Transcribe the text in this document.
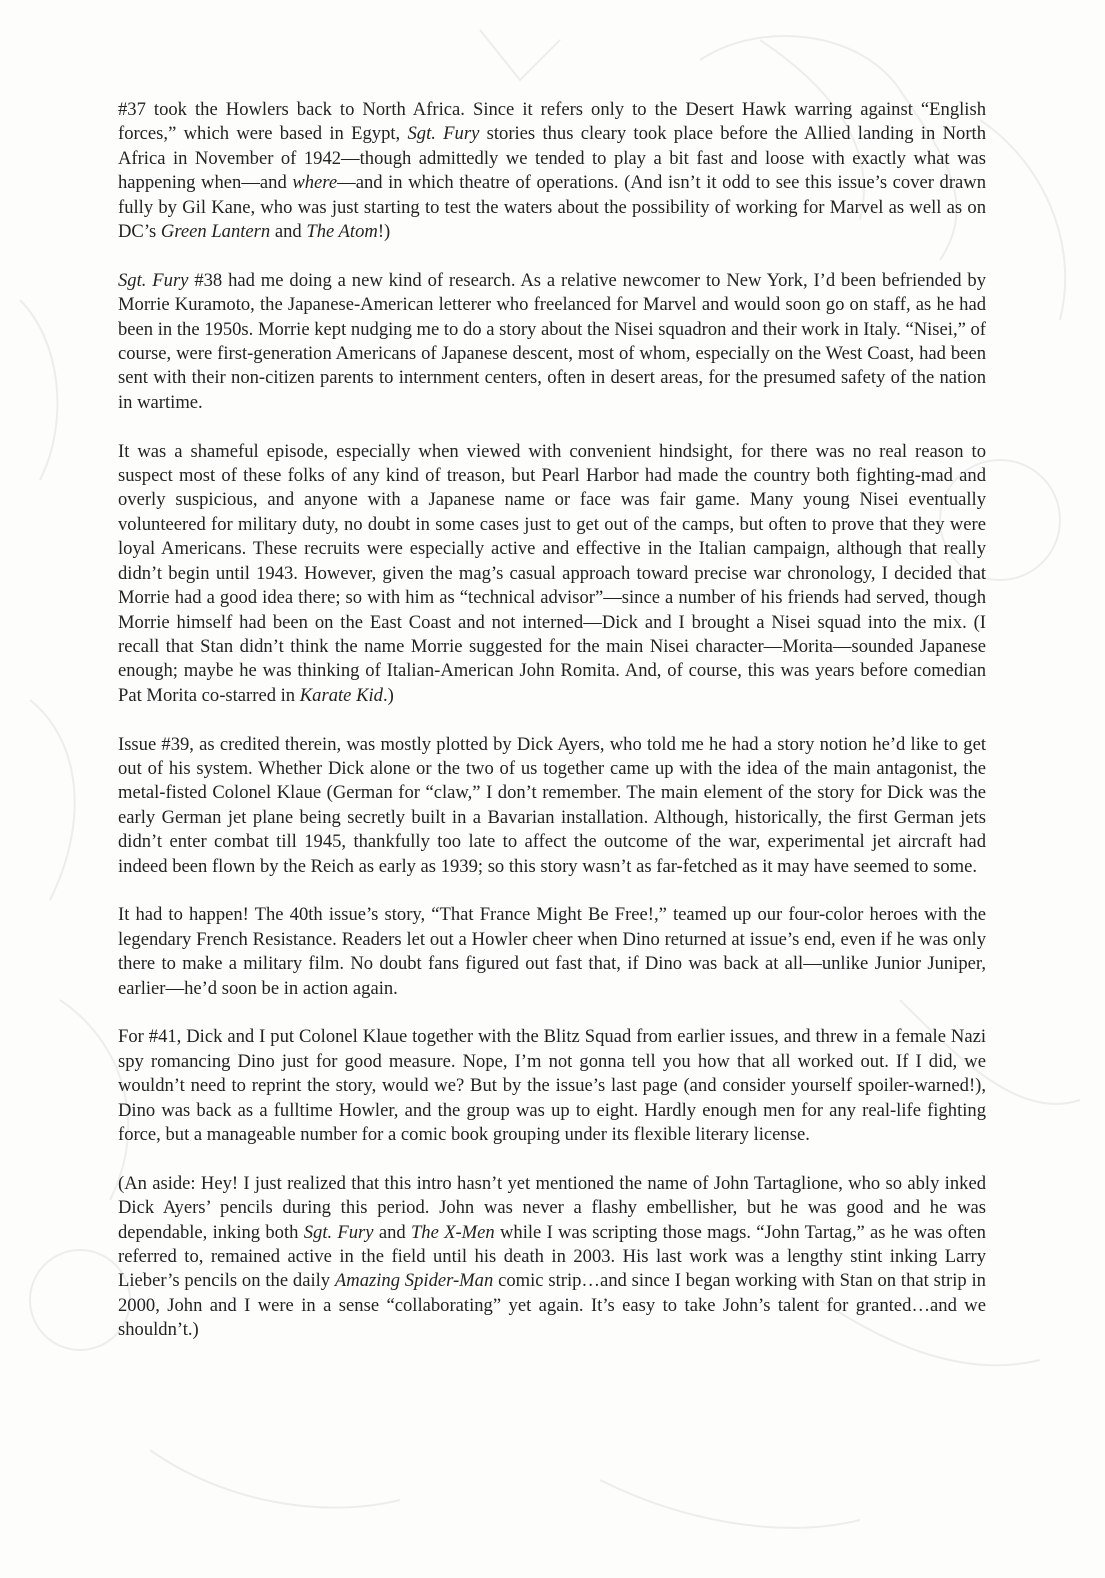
#37 took the Howlers back to North Africa. Since it refers only to the Desert Hawk warring against “English forces,” which were based in Egypt, Sgt. Fury stories thus cleary took place before the Allied landing in North Africa in November of 1942—though admittedly we tended to play a bit fast and loose with exactly what was happening when—and where—and in which theatre of operations. (And isn’t it odd to see this issue’s cover drawn fully by Gil Kane, who was just starting to test the waters about the possibility of working for Marvel as well as on DC’s Green Lantern and The Atom!)

Sgt. Fury #38 had me doing a new kind of research. As a relative newcomer to New York, I’d been befriended by Morrie Kuramoto, the Japanese-American letterer who freelanced for Marvel and would soon go on staff, as he had been in the 1950s. Morrie kept nudging me to do a story about the Nisei squadron and their work in Italy. “Nisei,” of course, were first-generation Americans of Japanese descent, most of whom, especially on the West Coast, had been sent with their non-citizen parents to internment centers, often in desert areas, for the presumed safety of the nation in wartime.

It was a shameful episode, especially when viewed with convenient hindsight, for there was no real reason to suspect most of these folks of any kind of treason, but Pearl Harbor had made the country both fighting-mad and overly suspicious, and anyone with a Japanese name or face was fair game. Many young Nisei eventually volunteered for military duty, no doubt in some cases just to get out of the camps, but often to prove that they were loyal Americans. These recruits were especially active and effective in the Italian campaign, although that really didn’t begin until 1943. However, given the mag’s casual approach toward precise war chronology, I decided that Morrie had a good idea there; so with him as “technical advisor”—since a number of his friends had served, though Morrie himself had been on the East Coast and not interned—Dick and I brought a Nisei squad into the mix. (I recall that Stan didn’t think the name Morrie suggested for the main Nisei character—Morita—sounded Japanese enough; maybe he was thinking of Italian-American John Romita. And, of course, this was years before comedian Pat Morita co-starred in Karate Kid.)

Issue #39, as credited therein, was mostly plotted by Dick Ayers, who told me he had a story notion he’d like to get out of his system. Whether Dick alone or the two of us together came up with the idea of the main antagonist, the metal-fisted Colonel Klaue (German for “claw,” I don’t remember. The main element of the story for Dick was the early German jet plane being secretly built in a Bavarian installation. Although, historically, the first German jets didn’t enter combat till 1945, thankfully too late to affect the outcome of the war, experimental jet aircraft had indeed been flown by the Reich as early as 1939; so this story wasn’t as far-fetched as it may have seemed to some.

It had to happen! The 40th issue’s story, “That France Might Be Free!,” teamed up our four-color heroes with the legendary French Resistance. Readers let out a Howler cheer when Dino returned at issue’s end, even if he was only there to make a military film. No doubt fans figured out fast that, if Dino was back at all—unlike Junior Juniper, earlier—he’d soon be in action again.

For #41, Dick and I put Colonel Klaue together with the Blitz Squad from earlier issues, and threw in a female Nazi spy romancing Dino just for good measure. Nope, I’m not gonna tell you how that all worked out. If I did, we wouldn’t need to reprint the story, would we? But by the issue’s last page (and consider yourself spoiler-warned!), Dino was back as a fulltime Howler, and the group was up to eight. Hardly enough men for any real-life fighting force, but a manageable number for a comic book grouping under its flexible literary license.

(An aside: Hey! I just realized that this intro hasn’t yet mentioned the name of John Tartaglione, who so ably inked Dick Ayers’ pencils during this period. John was never a flashy embellisher, but he was good and he was dependable, inking both Sgt. Fury and The X-Men while I was scripting those mags. “John Tartag,” as he was often referred to, remained active in the field until his death in 2003. His last work was a lengthy stint inking Larry Lieber’s pencils on the daily Amazing Spider-Man comic strip…and since I began working with Stan on that strip in 2000, John and I were in a sense “collaborating” yet again. It’s easy to take John’s talent for granted…and we shouldn’t.)
